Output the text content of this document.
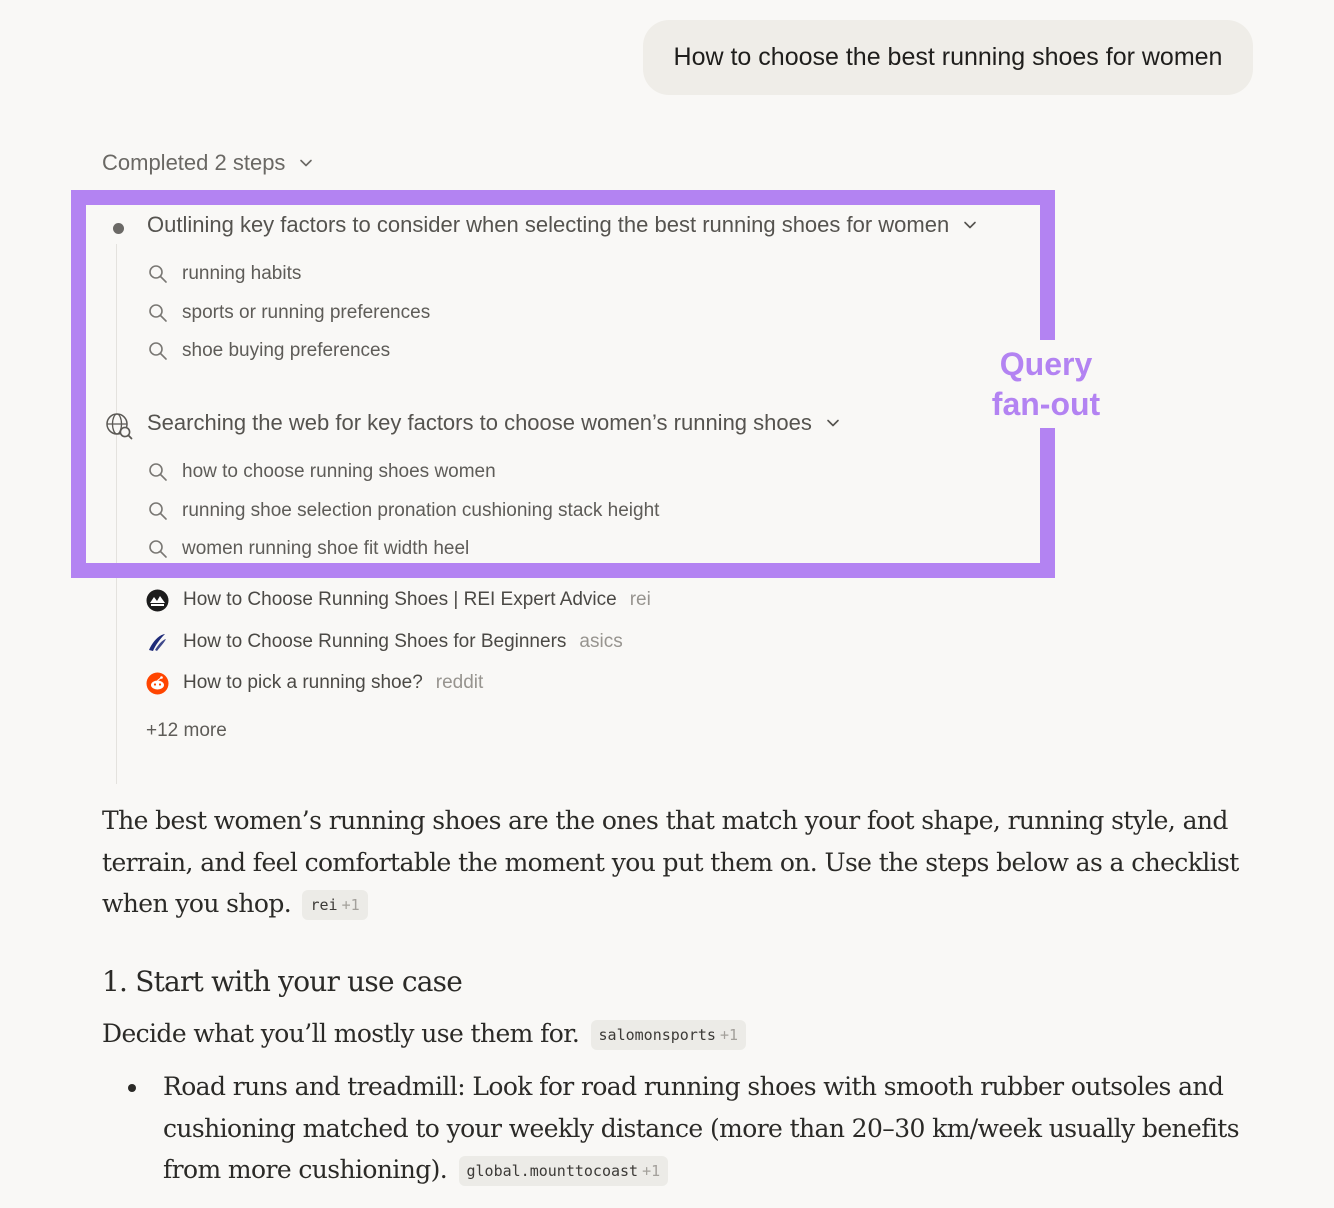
How to choose the best running shoes for women
Completed 2 steps
Outlining key factors to consider when selecting the best running shoes for women
running habits
sports or running preferences
shoe buying preferences
Searching the web for key factors to choose women’s running shoes
how to choose running shoes women
running shoe selection pronation cushioning stack height
women running shoe fit width heel
How to Choose Running Shoes | REI Expert Advice rei
How to Choose Running Shoes for Beginners asics
How to pick a running shoe? reddit
+12 more
Query
fan-out
The best women’s running shoes are the ones that match your foot shape, running style, and terrain, and feel comfortable the moment you put them on. Use the steps below as a checklist when you shop. rei +1
1. Start with your use case
Decide what you’ll mostly use them for. salomonsports +1
Road runs and treadmill: Look for road running shoes with smooth rubber outsoles and cushioning matched to your weekly distance (more than 20–30 km/week usually benefits from more cushioning). global.mounttocoast +1
